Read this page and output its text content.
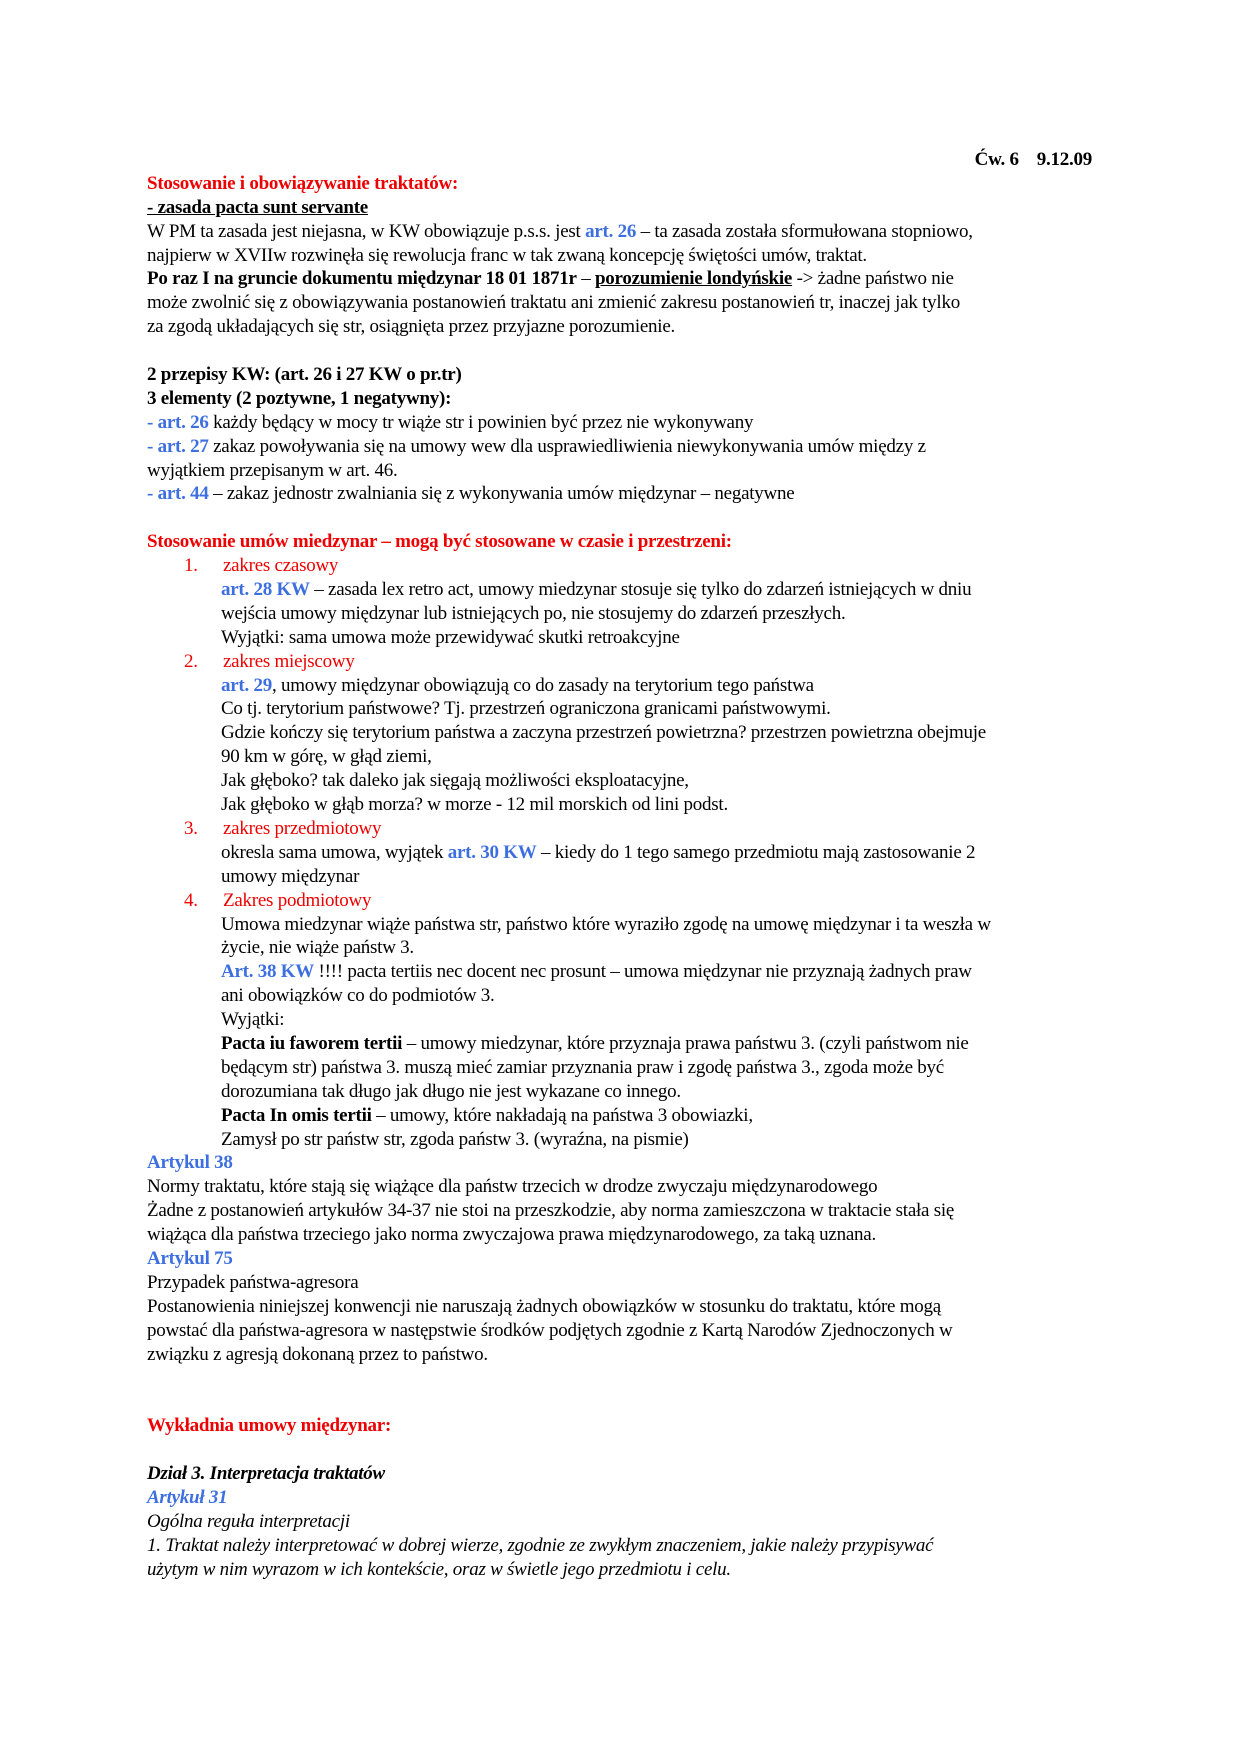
Ćw. 6 9.12.09
Stosowanie i obowiązywanie traktatów:
- zasada pacta sunt servante
W PM ta zasada jest niejasna, w KW obowiązuje p.s.s. jest art. 26 – ta zasada została sformułowana stopniowo,
najpierw w XVIIw rozwinęła się rewolucja franc w tak zwaną koncepcję świętości umów, traktat.
Po raz I na gruncie dokumentu międzynar 18 01 1871r – porozumienie londyńskie -> żadne państwo nie
może zwolnić się z obowiązywania postanowień traktatu ani zmienić zakresu postanowień tr, inaczej jak tylko
za zgodą układających się str, osiągnięta przez przyjazne porozumienie.

2 przepisy KW: (art. 26 i 27 KW o pr.tr)
3 elementy (2 poztywne, 1 negatywny):
- art. 26 każdy będący w mocy tr wiąże str i powinien być przez nie wykonywany
- art. 27 zakaz powoływania się na umowy wew dla usprawiedliwienia niewykonywania umów między z
wyjątkiem przepisanym w art. 46.
- art. 44 – zakaz jednostr zwalniania się z wykonywania umów międzynar – negatywne

Stosowanie umów miedzynar – mogą być stosowane w czasie i przestrzeni:
1. zakres czasowy
art. 28 KW – zasada lex retro act, umowy miedzynar stosuje się tylko do zdarzeń istniejących w dniu
wejścia umowy międzynar lub istniejących po, nie stosujemy do zdarzeń przeszłych.
Wyjątki: sama umowa może przewidywać skutki retroakcyjne
2. zakres miejscowy
art. 29, umowy międzynar obowiązują co do zasady na terytorium tego państwa
Co tj. terytorium państwowe? Tj. przestrzeń ograniczona granicami państwowymi.
Gdzie kończy się terytorium państwa a zaczyna przestrzeń powietrzna? przestrzen powietrzna obejmuje
90 km w górę, w głąd ziemi,
Jak głęboko? tak daleko jak sięgają możliwości eksploatacyjne,
Jak głęboko w głąb morza? w morze - 12 mil morskich od lini podst.
3. zakres przedmiotowy
okresla sama umowa, wyjątek art. 30 KW – kiedy do 1 tego samego przedmiotu mają zastosowanie 2
umowy międzynar
4. Zakres podmiotowy
Umowa miedzynar wiąże państwa str, państwo które wyraziło zgodę na umowę międzynar i ta weszła w
życie, nie wiąże państw 3.
Art. 38 KW !!!! pacta tertiis nec docent nec prosunt – umowa międzynar nie przyznają żadnych praw
ani obowiązków co do podmiotów 3.
Wyjątki:
Pacta iu faworem tertii – umowy miedzynar, które przyznaja prawa państwu 3. (czyli państwom nie
będącym str) państwa 3. muszą mieć zamiar przyznania praw i zgodę państwa 3., zgoda może być
dorozumiana tak długo jak długo nie jest wykazane co innego.
Pacta In omis tertii – umowy, które nakładają na państwa 3 obowiazki,
Zamysł po str państw str, zgoda państw 3. (wyraźna, na pismie)
Artykul 38
Normy traktatu, które stają się wiążące dla państw trzecich w drodze zwyczaju międzynarodowego
Żadne z postanowień artykułów 34-37 nie stoi na przeszkodzie, aby norma zamieszczona w traktacie stała się
wiążąca dla państwa trzeciego jako norma zwyczajowa prawa międzynarodowego, za taką uznana.
Artykul 75
Przypadek państwa-agresora
Postanowienia niniejszej konwencji nie naruszają żadnych obowiązków w stosunku do traktatu, które mogą
powstać dla państwa-agresora w następstwie środków podjętych zgodnie z Kartą Narodów Zjednoczonych w
związku z agresją dokonaną przez to państwo.

Wykładnia umowy międzynar:

Dział 3. Interpretacja traktatów
Artykuł 31
Ogólna reguła interpretacji
1. Traktat należy interpretować w dobrej wierze, zgodnie ze zwykłym znaczeniem, jakie należy przypisywać
użytym w nim wyrazom w ich kontekście, oraz w świetle jego przedmiotu i celu.
